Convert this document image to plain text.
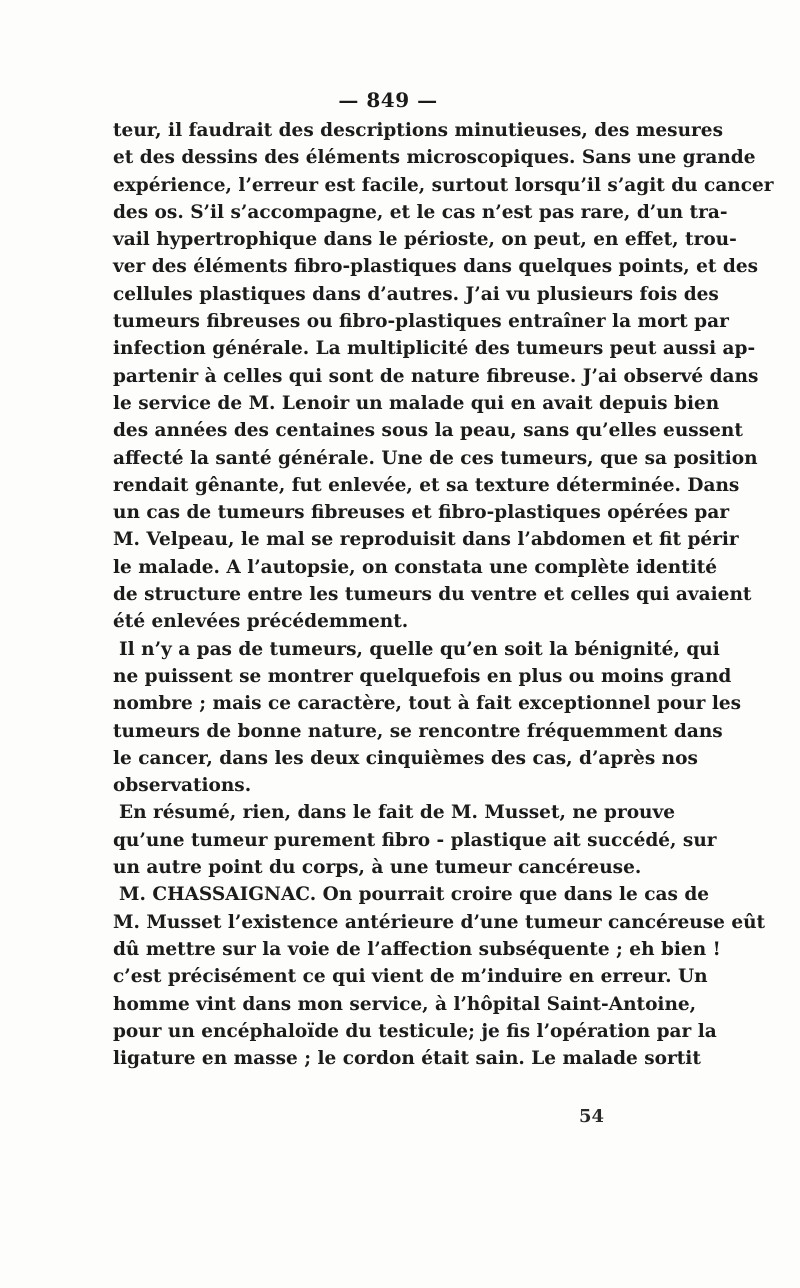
— 849 —
teur, il faudrait des descriptions minutieuses, des mesures
et des dessins des éléments microscopiques. Sans une grande
expérience, l’erreur est facile, surtout lorsqu’il s’agit du cancer
des os. S’il s’accompagne, et le cas n’est pas rare, d’un tra-
vail hypertrophique dans le périoste, on peut, en effet, trou-
ver des éléments fibro-plastiques dans quelques points, et des
cellules plastiques dans d’autres. J’ai vu plusieurs fois des
tumeurs fibreuses ou fibro-plastiques entraîner la mort par
infection générale. La multiplicité des tumeurs peut aussi ap-
partenir à celles qui sont de nature fibreuse. J’ai observé dans
le service de M. Lenoir un malade qui en avait depuis bien
des années des centaines sous la peau, sans qu’elles eussent
affecté la santé générale. Une de ces tumeurs, que sa position
rendait gênante, fut enlevée, et sa texture déterminée. Dans
un cas de tumeurs fibreuses et fibro-plastiques opérées par
M. Velpeau, le mal se reproduisit dans l’abdomen et fit périr
le malade. A l’autopsie, on constata une complète identité
de structure entre les tumeurs du ventre et celles qui avaient
été enlevées précédemment.
Il n’y a pas de tumeurs, quelle qu’en soit la bénignité, qui
ne puissent se montrer quelquefois en plus ou moins grand
nombre ; mais ce caractère, tout à fait exceptionnel pour les
tumeurs de bonne nature, se rencontre fréquemment dans
le cancer, dans les deux cinquièmes des cas, d’après nos
observations.
En résumé, rien, dans le fait de M. Musset, ne prouve
qu’une tumeur purement fibro - plastique ait succédé, sur
un autre point du corps, à une tumeur cancéreuse.
M. CHASSAIGNAC. On pourrait croire que dans le cas de
M. Musset l’existence antérieure d’une tumeur cancéreuse eût
dû mettre sur la voie de l’affection subséquente ; eh bien !
c’est précisément ce qui vient de m’induire en erreur. Un
homme vint dans mon service, à l’hôpital Saint-Antoine,
pour un encéphaloïde du testicule; je fis l’opération par la
ligature en masse ; le cordon était sain. Le malade sortit
54
